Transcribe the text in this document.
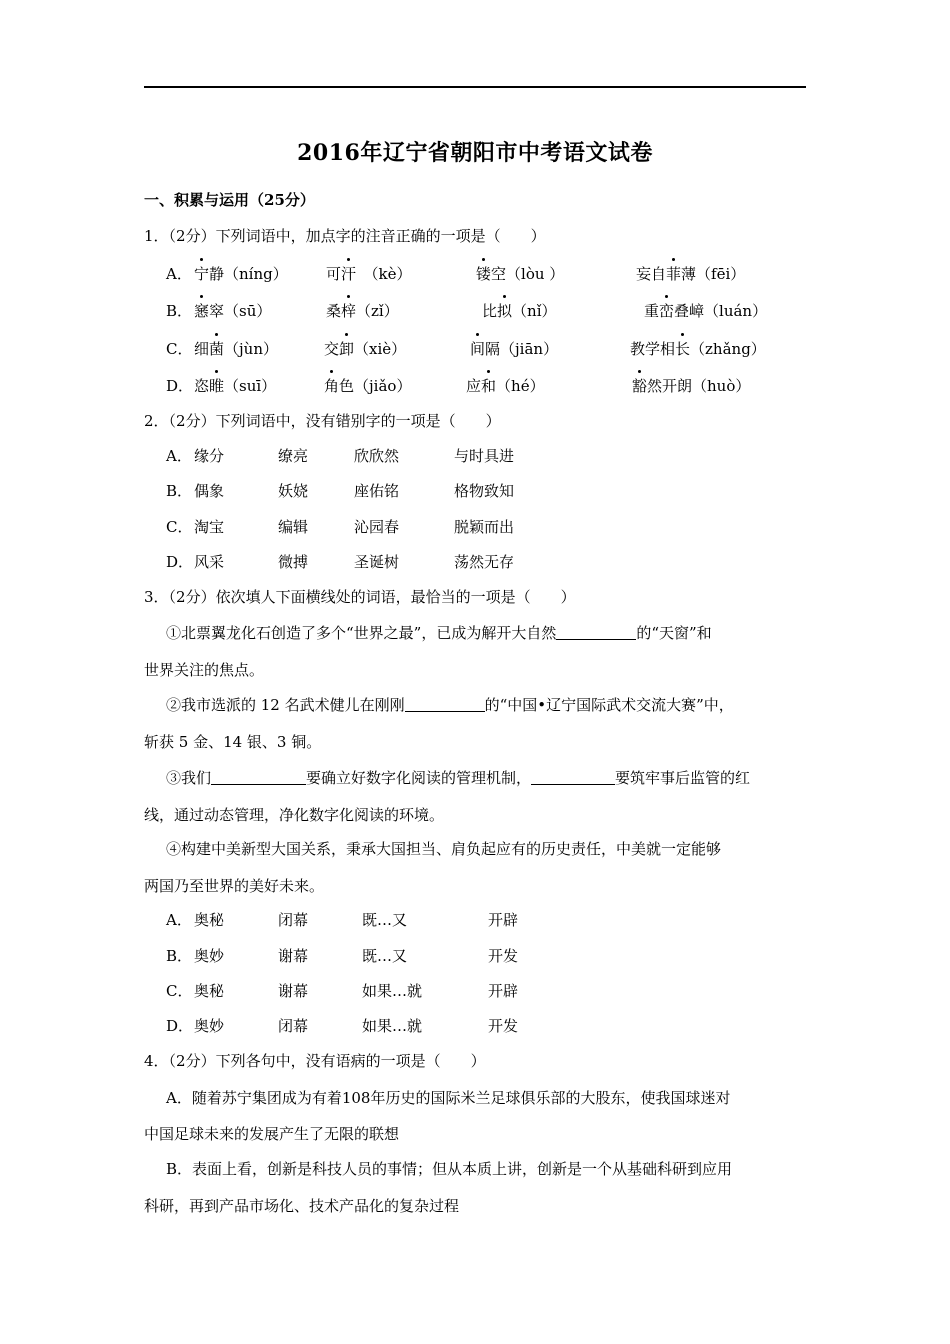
2016年辽宁省朝阳市中考语文试卷
一、积累与运用（25分）
1．（2分）下列词语中，加点字的注音正确的一项是（　　）
A． 宁静（níng）	可汗　（kè）	镂空（lòu ）	妄自菲薄（fēi）
B． 窸窣（sū）	桑梓（zǐ）	比拟（nǐ）	重峦叠嶂（luán）
C． 细菌（jùn）	交卸（xiè）	间隔（jiān）	教学相长（zhǎng）
D． 恣睢（suī）	角色（jiǎo）	应和（hé）	豁然开朗（huò）
2．（2分）下列词语中，没有错别字的一项是（　　）
A． 缘分	缭亮	欣欣然	与时具进
B． 偶象	妖娆	座佑铭	格物致知
C． 淘宝	编辑	沁园春	脱颖而出
D． 风采	微搏	圣诞树	荡然无存
3．（2分）依次填人下面横线处的词语，最恰当的一项是（　　）
①北票翼龙化石创造了多个“世界之最”，已成为解开大自然	的“天窗”和
世界关注的焦点。
②我市选派的 12 名武术健儿在刚刚	的“中国•辽宁国际武术交流大赛”中，
斩获 5 金、14 银、3 铜。
③我们	要确立好数字化阅读的管理机制，	要筑牢事后监管的红
线，通过动态管理，净化数字化阅读的环境。
④构建中美新型大国关系，秉承大国担当、肩负起应有的历史责任，中美就一定能够
两国乃至世界的美好未来。
A． 奥秘	闭幕	既…又	开辟
B． 奥妙	谢幕	既…又	开发
C． 奥秘	谢幕	如果…就	开辟
D． 奥妙	闭幕	如果…就	开发
4．（2分）下列各句中，没有语病的一项是（　　）
A．随着苏宁集团成为有着108年历史的国际米兰足球俱乐部的大股东，使我国球迷对
中国足球未来的发展产生了无限的联想
B．表面上看，创新是科技人员的事情；但从本质上讲，创新是一个从基础科研到应用
科研，再到产品市场化、技术产品化的复杂过程
